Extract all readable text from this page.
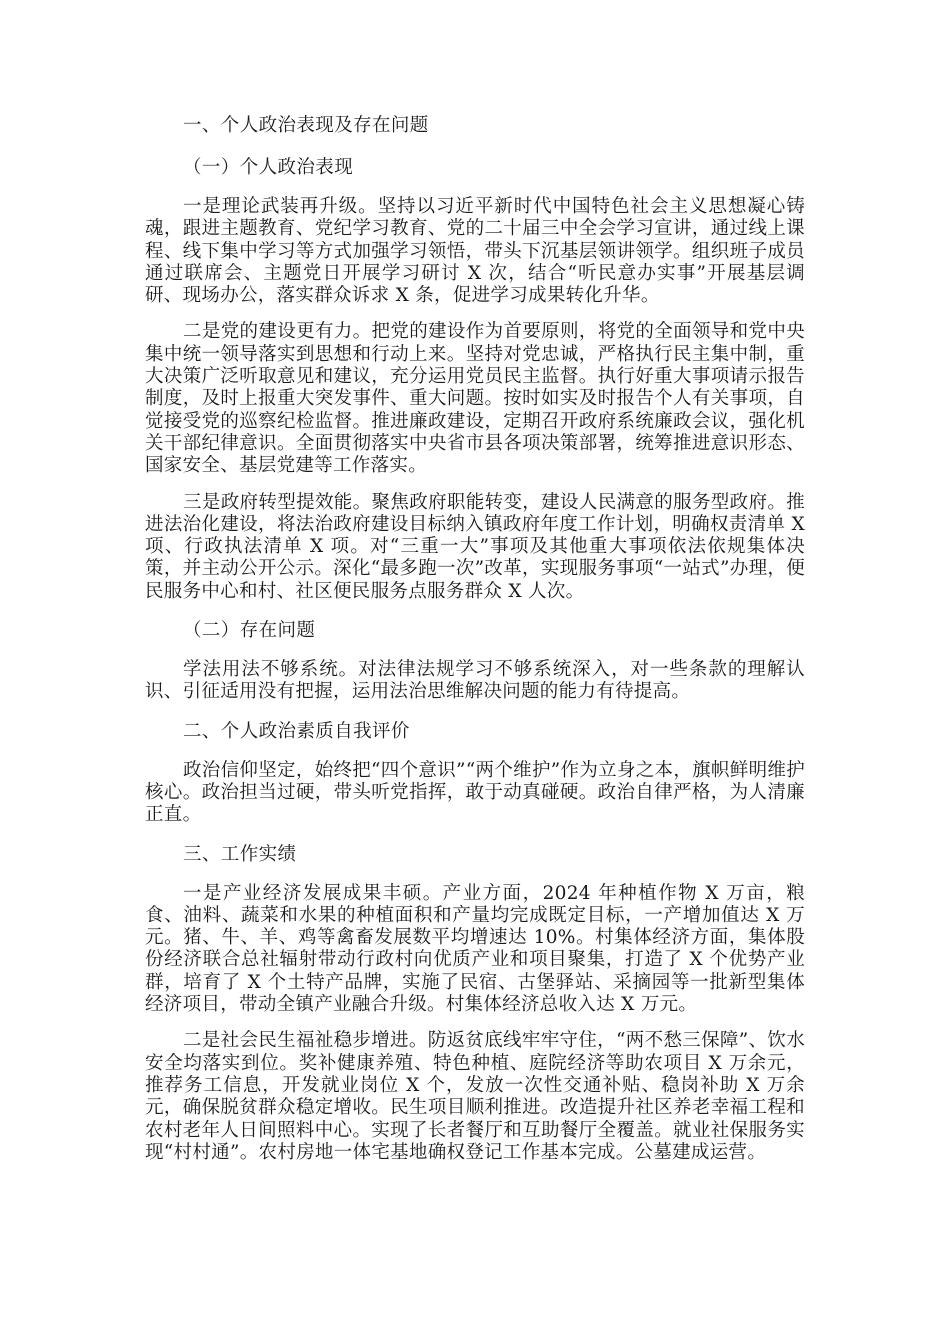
一、个人政治表现及存在问题

（一）个人政治表现

一是理论武装再升级。坚持以习近平新时代中国特色社会主义思想凝心铸魂，跟进主题教育、党纪学习教育、党的二十届三中全会学习宣讲，通过线上课程、线下集中学习等方式加强学习领悟，带头下沉基层领讲领学。组织班子成员通过联席会、主题党日开展学习研讨 X 次，结合“听民意办实事”开展基层调研、现场办公，落实群众诉求 X 条，促进学习成果转化升华。

二是党的建设更有力。把党的建设作为首要原则，将党的全面领导和党中央集中统一领导落实到思想和行动上来。坚持对党忠诚，严格执行民主集中制，重大决策广泛听取意见和建议，充分运用党员民主监督。执行好重大事项请示报告制度，及时上报重大突发事件、重大问题。按时如实及时报告个人有关事项，自觉接受党的巡察纪检监督。推进廉政建设，定期召开政府系统廉政会议，强化机关干部纪律意识。全面贯彻落实中央省市县各项决策部署，统筹推进意识形态、国家安全、基层党建等工作落实。

三是政府转型提效能。聚焦政府职能转变，建设人民满意的服务型政府。推进法治化建设，将法治政府建设目标纳入镇政府年度工作计划，明确权责清单 X 项、行政执法清单 X 项。对“三重一大”事项及其他重大事项依法依规集体决策，并主动公开公示。深化“最多跑一次”改革，实现服务事项“一站式”办理，便民服务中心和村、社区便民服务点服务群众 X 人次。

（二）存在问题

学法用法不够系统。对法律法规学习不够系统深入，对一些条款的理解认识、引征适用没有把握，运用法治思维解决问题的能力有待提高。

二、个人政治素质自我评价

政治信仰坚定，始终把“四个意识”“两个维护”作为立身之本，旗帜鲜明维护核心。政治担当过硬，带头听党指挥，敢于动真碰硬。政治自律严格，为人清廉正直。

三、工作实绩

一是产业经济发展成果丰硕。产业方面，2024 年种植作物 X 万亩，粮食、油料、蔬菜和水果的种植面积和产量均完成既定目标，一产增加值达 X 万元。猪、牛、羊、鸡等禽畜发展数平均增速达 10%。村集体经济方面，集体股份经济联合总社辐射带动行政村向优质产业和项目聚集，打造了 X 个优势产业群，培育了 X 个土特产品牌，实施了民宿、古堡驿站、采摘园等一批新型集体经济项目，带动全镇产业融合升级。村集体经济总收入达 X 万元。

二是社会民生福祉稳步增进。防返贫底线牢牢守住，“两不愁三保障”、饮水安全均落实到位。奖补健康养殖、特色种植、庭院经济等助农项目 X 万余元，推荐务工信息，开发就业岗位 X 个，发放一次性交通补贴、稳岗补助 X 万余元，确保脱贫群众稳定增收。民生项目顺利推进。改造提升社区养老幸福工程和农村老年人日间照料中心。实现了长者餐厅和互助餐厅全覆盖。就业社保服务实现“村村通”。农村房地一体宅基地确权登记工作基本完成。公墓建成运营。
